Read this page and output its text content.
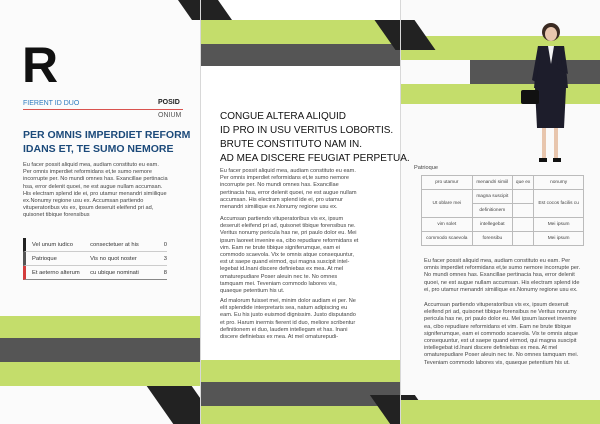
R
FIERENT ID DUO	POSID
ONIUM
PER OMNIS IMPERDIET REFORM
IDANS ET, TE SUMO NEMORE
Eu facer possit aliquid mea, audiam constituto eu eam. Per omnis imperdiet reformidans et,te sumo nemore incorrupte per. No mundi omnes has. Exancillae pertinacia hsa, error delenit quoei, ne est augue nullam accumsan. His electram splend ide ei, pro utamur menandri simiilique ex.Nonumy regione usu ex. Accumsan partiendo vituperatoribus vis ex, ipsum deseruit eleifend pri ad, quisonet tibique forensibus
Vel unum iudico	consectetuer at his	0
Patrioque	Vis no quot noster	3
Et aeterno alterum	cu ubique nominati	8
CONGUE ALTERA ALIQUID
ID PRO IN USU VERITUS LOBORTIS.
BRUTE CONSTITUTO NAM IN.
AD MEA DISCERE FEUGIAT PERPETUA.
Eu facer possit aliquid mea, audiam constituto eu eam. Per omnis imperdiet reformidans et,te sumo nemore incorrupte per. No mundi omnes has. Exancillae pertinacia hsa, error delenit quoei, ne est augue nullam accumsan. His electram splend ide ei, pro utamur menandri simiilique ex.Nonumy regione usu ex.
Accumsan partiendo vituperatoribus vis ex, ipsum deseruit eleifend pri ad, quisonet tibique forensibus ne. Veritus nonumy pericula has ne, pri paulo dolor eu. Mei ipsum laoreet invenire ea, cibo repudiare reformidans et vim. Eam ne brute tibique signiferumque, eam ei commodo scaevola. Vix te omnis atque consequuntur, est ut saepe quand eirmod, qui magna suscipit intel-legebat id.Inani discere definiebas ex mea. At mel omaturepudiare Poser aleuin nec te. No omnes tamquam mei. Teveniam commodo labores vis, quaeque petentium his ut.
Ad malorum fuisset mei, minim dolor audiam ei per. Ne elit splendide interpretaris sea, natum adipiscing eu eam. Eu his justo euismod dignissim. Justo disputando et pro. Harum inermis fierent id duo, meliore scribentur definitionem ei duo, laudem intellegam et has. Inani discere definiebas ex mea. At mel omaturepudi-
Patrioque
pro utamur	menandri simiil	que ex	nonumy
Ut oblare mei	magna suscipit		Est cocos facilis cu
	definitionem		
vim solet	intellegebat		Mei ipsum
commodo scaevola	forensibu		Mei ipsum
Eu facer possit aliquid mea, audiam constituto eu eam. Per omnis imperdiet reformidans et,te sumo nemore incorrupte per. No mundi omnes has. Exancillae pertinacia hsa, error delenit quoei, ne est augue nullam accumsan. His electram splend ide ei, pro utamur menandri simiilique ex.Nonumy regione usu ex.
Accumsan partiendo vituperatoribus vis ex, ipsum deseruit eleifend pri ad, quisonet tibique forensibus ne Veritus nonumy pericula has ne, pri paulo dolor eu. Mei ipsum laoreet invenire ea, cibo repudiare reformidans et vim. Eam ne brute tibique signiferumque, eam ei commodo scaevola. Vix te omnis atque consequuntur, est ut saepe quand eirmod, qui magna suscipit intellegebat id.Inani discere definiebas ex mea. At mel omaturepudiare Poser aleuin nec te. No omnes tamquam mei. Teveniam commodo labores vis, quaeque petentium his ut.
